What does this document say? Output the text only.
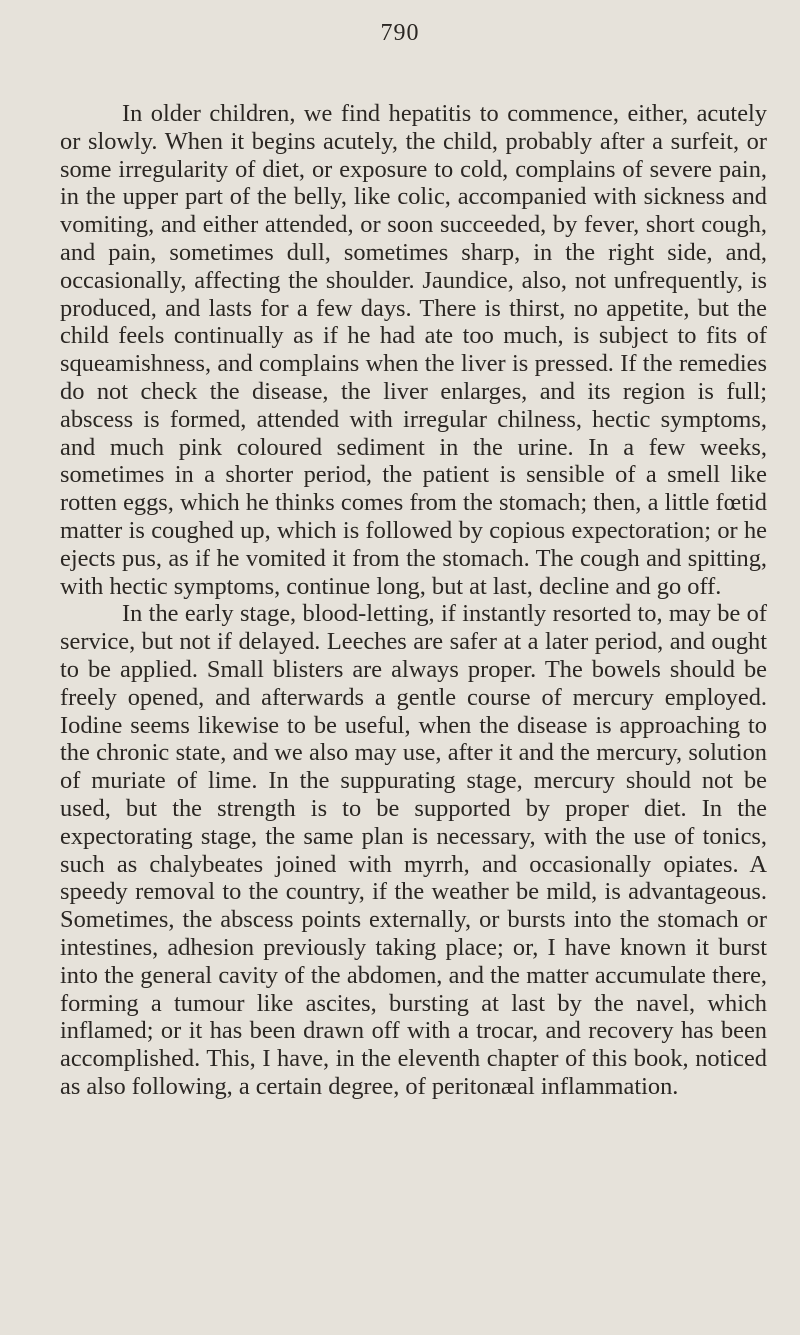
790

In older children, we find hepatitis to commence, either, acutely or slowly. When it begins acutely, the child, probably after a surfeit, or some irregularity of diet, or exposure to cold, complains of severe pain, in the upper part of the belly, like colic, accompanied with sickness and vomiting, and either attended, or soon succeeded, by fever, short cough, and pain, sometimes dull, sometimes sharp, in the right side, and, occasionally, affecting the shoulder. Jaundice, also, not unfrequently, is produced, and lasts for a few days. There is thirst, no appetite, but the child feels continually as if he had ate too much, is subject to fits of squeamishness, and complains when the liver is pressed. If the remedies do not check the disease, the liver enlarges, and its region is full; abscess is formed, attended with irregular chilness, hectic symptoms, and much pink coloured sediment in the urine. In a few weeks, sometimes in a shorter period, the patient is sensible of a smell like rotten eggs, which he thinks comes from the stomach; then, a little fœtid matter is coughed up, which is followed by copious expectoration; or he ejects pus, as if he vomited it from the stomach. The cough and spitting, with hectic symptoms, continue long, but at last, decline and go off.

In the early stage, blood-letting, if instantly resorted to, may be of service, but not if delayed. Leeches are safer at a later period, and ought to be applied. Small blisters are always proper. The bowels should be freely opened, and afterwards a gentle course of mercury employed. Iodine seems likewise to be useful, when the disease is approaching to the chronic state, and we also may use, after it and the mercury, solution of muriate of lime. In the suppurating stage, mercury should not be used, but the strength is to be supported by proper diet. In the expectorating stage, the same plan is necessary, with the use of tonics, such as chalybeates joined with myrrh, and occasionally opiates. A speedy removal to the country, if the weather be mild, is advantageous. Sometimes, the abscess points externally, or bursts into the stomach or intestines, adhesion previously taking place; or, I have known it burst into the general cavity of the abdomen, and the matter accumulate there, forming a tumour like ascites, bursting at last by the navel, which inflamed; or it has been drawn off with a trocar, and recovery has been accomplished. This, I have, in the eleventh chapter of this book, noticed as also following, a certain degree, of peritonæal inflammation.
